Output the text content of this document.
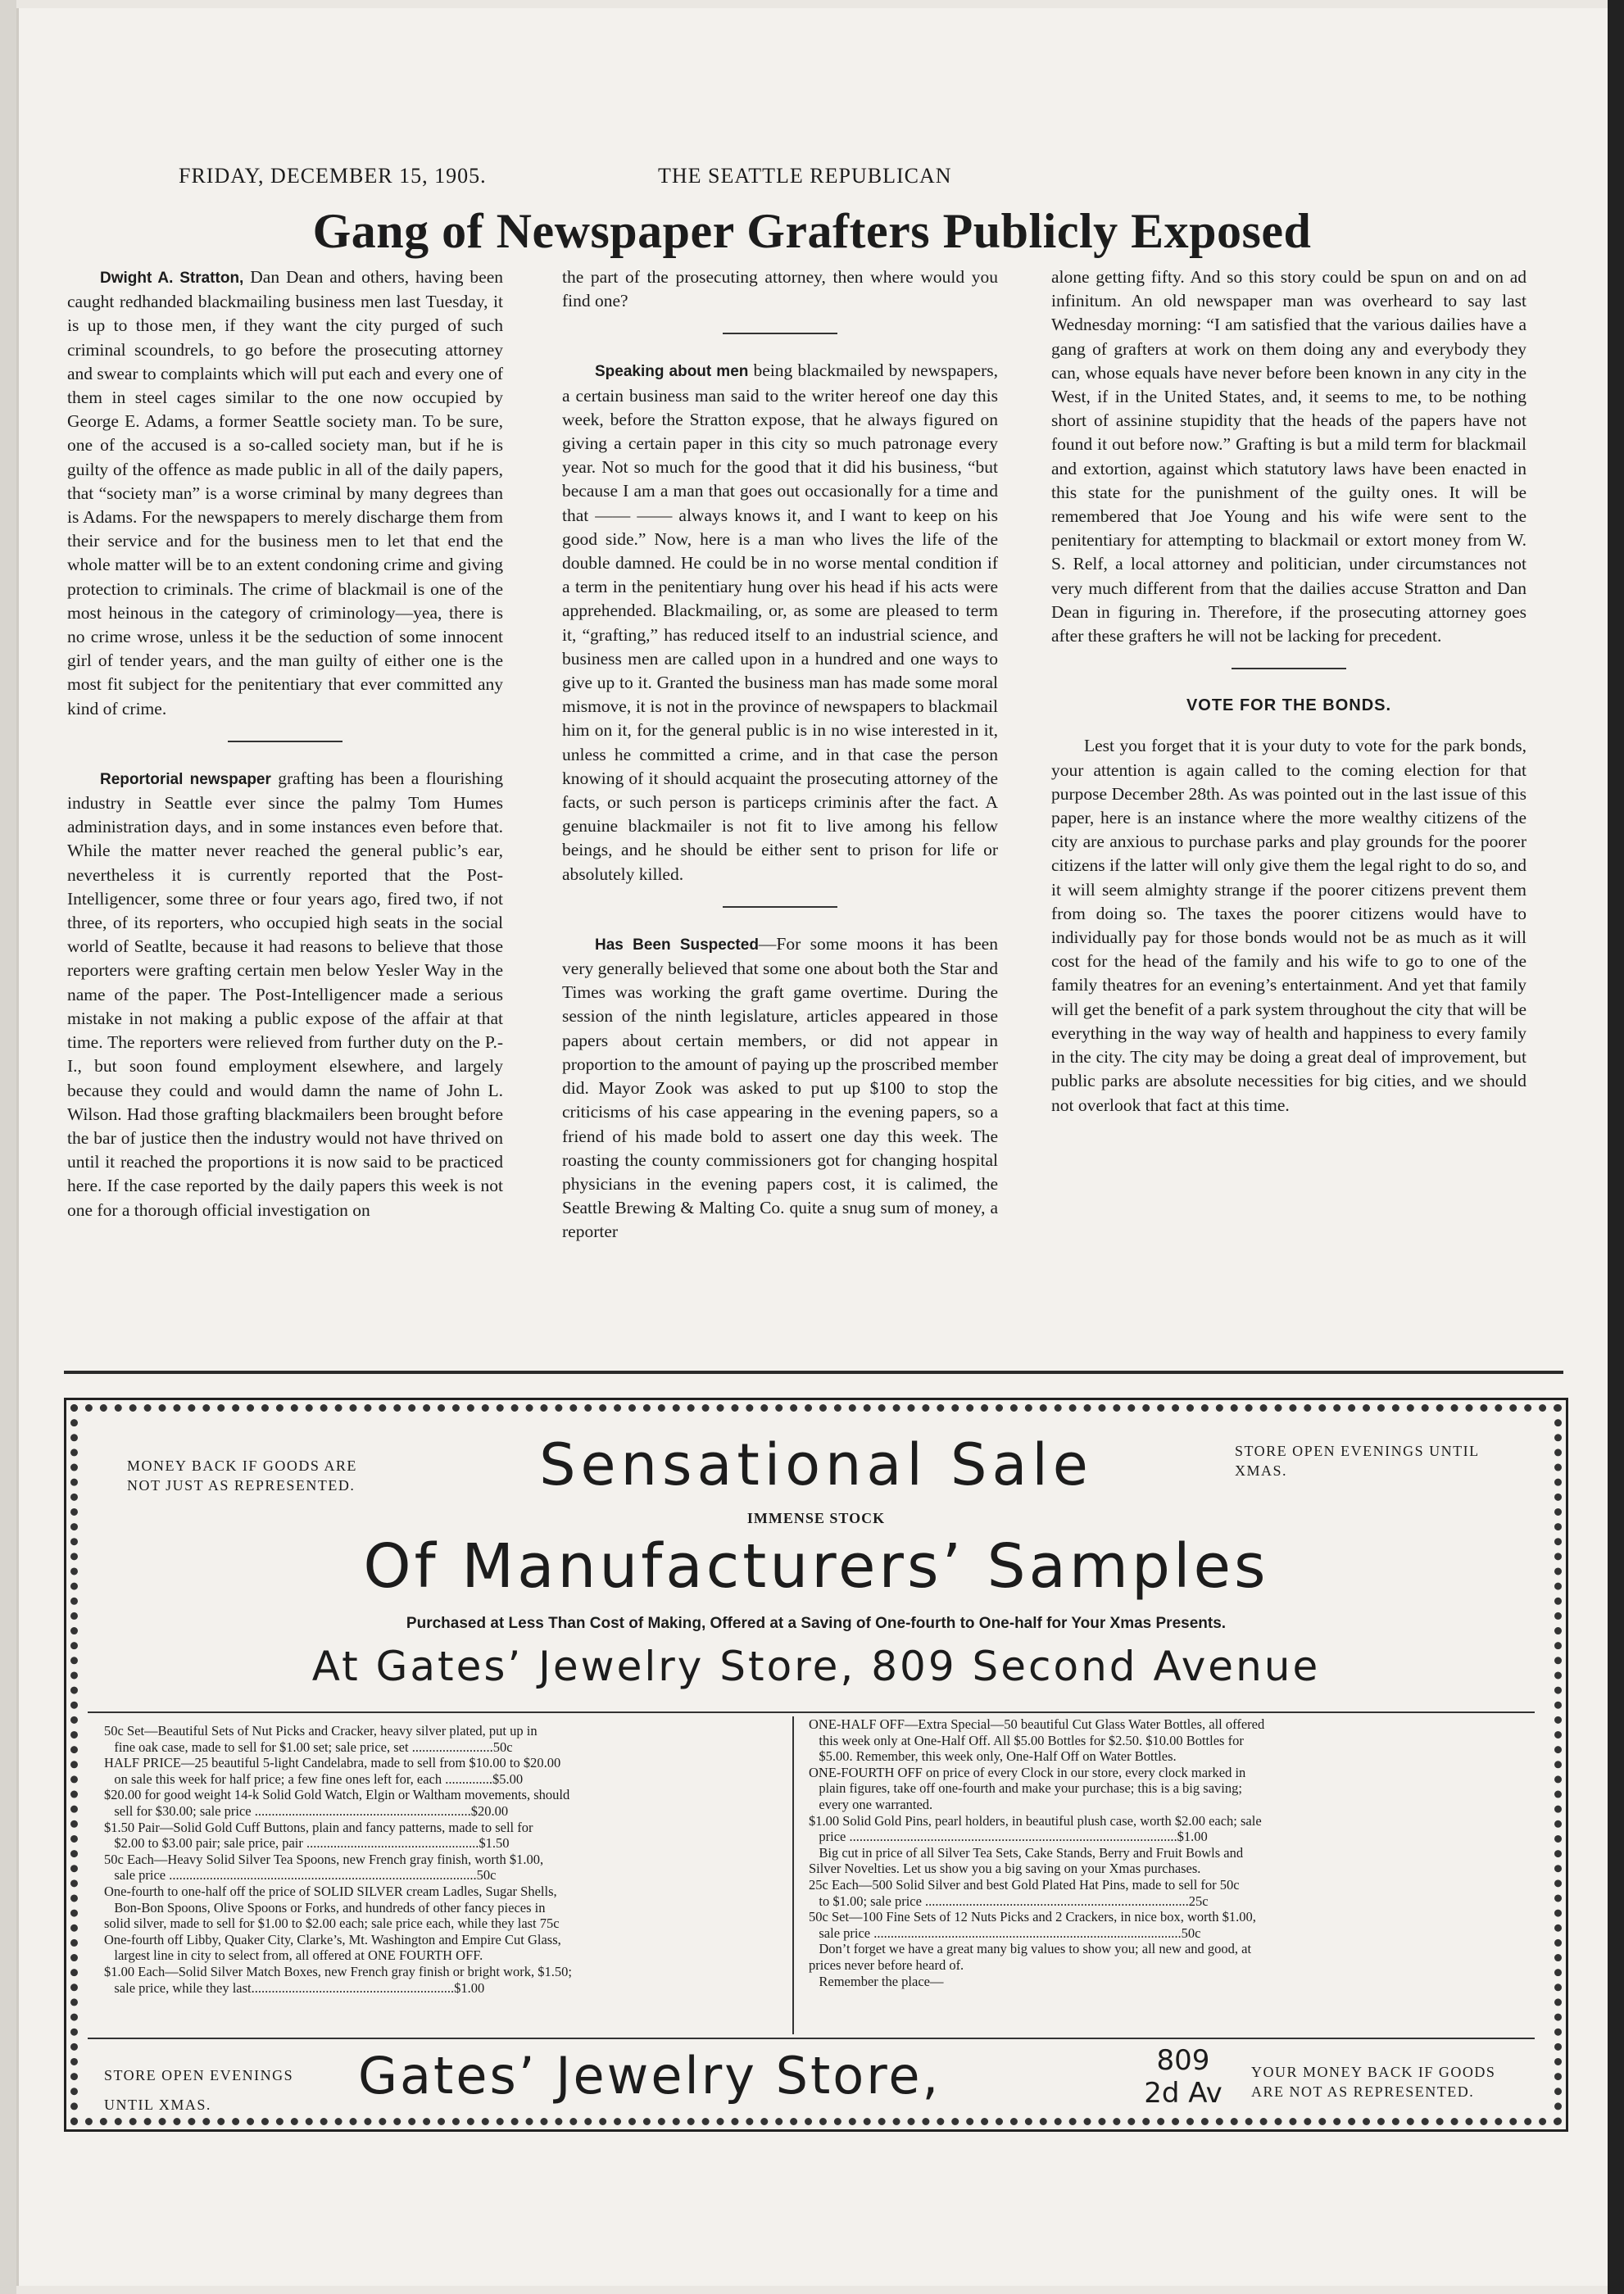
FRIDAY, DECEMBER 15, 1905.	THE SEATTLE REPUBLICAN
Gang of Newspaper Grafters Publicly Exposed

Dwight A. Stratton, Dan Dean and others, having been caught redhanded blackmailing business men last Tuesday, it is up to those men, if they want the city purged of such criminal scoundrels, to go before the prosecuting attorney and swear to complaints which will put each and every one of them in steel cages similar to the one now occupied by George E. Adams, a former Seattle society man. To be sure, one of the accused is a so-called society man, but if he is guilty of the offence as made public in all of the daily papers, that “society man” is a worse criminal by many degrees than is Adams. For the newspapers to merely discharge them from their service and for the business men to let that end the whole matter will be to an extent condoning crime and giving protection to criminals. The crime of blackmail is one of the most heinous in the category of criminology—yea, there is no crime wrose, unless it be the seduction of some innocent girl of tender years, and the man guilty of either one is the most fit subject for the penitentiary that ever committed any kind of crime.

Reportorial newspaper grafting has been a flourishing industry in Seattle ever since the palmy Tom Humes administration days, and in some instances even before that. While the matter never reached the general public’s ear, nevertheless it is currently reported that the Post-Intelligencer, some three or four years ago, fired two, if not three, of its reporters, who occupied high seats in the social world of Seatlte, because it had reasons to believe that those reporters were grafting certain men below Yesler Way in the name of the paper. The Post-Intelligencer made a serious mistake in not making a public expose of the affair at that time. The reporters were relieved from further duty on the P.-I., but soon found employment elsewhere, and largely because they could and would damn the name of John L. Wilson. Had those grafting blackmailers been brought before the bar of justice then the industry would not have thrived on until it reached the proportions it is now said to be practiced here. If the case reported by the daily papers this week is not one for a thorough official investigation on

the part of the prosecuting attorney, then where would you find one?

Speaking about men being blackmailed by newspapers, a certain business man said to the writer hereof one day this week, before the Stratton expose, that he always figured on giving a certain paper in this city so much patronage every year. Not so much for the good that it did his business, “but because I am a man that goes out occasionally for a time and that —— —— always knows it, and I want to keep on his good side.” Now, here is a man who lives the life of the double damned. He could be in no worse mental condition if a term in the penitentiary hung over his head if his acts were apprehended. Blackmailing, or, as some are pleased to term it, “grafting,” has reduced itself to an industrial science, and business men are called upon in a hundred and one ways to give up to it. Granted the business man has made some moral mismove, it is not in the province of newspapers to blackmail him on it, for the general public is in no wise interested in it, unless he committed a crime, and in that case the person knowing of it should acquaint the prosecuting attorney of the facts, or such person is particeps criminis after the fact. A genuine blackmailer is not fit to live among his fellow beings, and he should be either sent to prison for life or absolutely killed.

Has Been Suspected—For some moons it has been very generally believed that some one about both the Star and Times was working the graft game overtime. During the session of the ninth legislature, articles appeared in those papers about certain members, or did not appear in proportion to the amount of paying up the proscribed member did. Mayor Zook was asked to put up $100 to stop the criticisms of his case appearing in the evening papers, so a friend of his made bold to assert one day this week. The roasting the county commissioners got for changing hospital physicians in the evening papers cost, it is calimed, the Seattle Brewing & Malting Co. quite a snug sum of money, a reporter

alone getting fifty. And so this story could be spun on and on ad infinitum. An old newspaper man was overheard to say last Wednesday morning: “I am satisfied that the various dailies have a gang of grafters at work on them doing any and everybody they can, whose equals have never before been known in any city in the West, if in the United States, and, it seems to me, to be nothing short of assinine stupidity that the heads of the papers have not found it out before now.” Grafting is but a mild term for blackmail and extortion, against which statutory laws have been enacted in this state for the punishment of the guilty ones. It will be remembered that Joe Young and his wife were sent to the penitentiary for attempting to blackmail or extort money from W. S. Relf, a local attorney and politician, under circumstances not very much different from that the dailies accuse Stratton and Dan Dean in figuring in. Therefore, if the prosecuting attorney goes after these grafters he will not be lacking for precedent.

VOTE FOR THE BONDS.

Lest you forget that it is your duty to vote for the park bonds, your attention is again called to the coming election for that purpose December 28th. As was pointed out in the last issue of this paper, here is an instance where the more wealthy citizens of the city are anxious to purchase parks and play grounds for the poorer citizens if the latter will only give them the legal right to do so, and it will seem almighty strange if the poorer citizens prevent them from doing so. The taxes the poorer citizens would have to individually pay for those bonds would not be as much as it will cost for the head of the family and his wife to go to one of the family theatres for an evening’s entertainment. And yet that family will get the benefit of a park system throughout the city that will be everything in the way way of health and happiness to every family in the city. The city may be doing a great deal of improvement, but public parks are absolute necessities for big cities, and we should not overlook that fact at this time.

MONEY BACK IF GOODS ARE NOT JUST AS REPRESENTED.
STORE OPEN EVENINGS UNTIL XMAS.
Sensational Sale
IMMENSE STOCK
Of Manufacturers’ Samples
Purchased at Less Than Cost of Making, Offered at a Saving of One-fourth to One-half for Your Xmas Presents.
At Gates’ Jewelry Store, 809 Second Avenue
50c Set—Beautiful Sets of Nut Picks and Cracker, heavy silver plated, put up in
fine oak case, made to sell for $1.00 set; sale price, set ........................50c
HALF PRICE—25 beautiful 5-light Candelabra, made to sell from $10.00 to $20.00
on sale this week for half price; a few fine ones left for, each ..............$5.00
$20.00 for good weight 14-k Solid Gold Watch, Elgin or Waltham movements, should
sell for $30.00; sale price ................................................................$20.00
$1.50 Pair—Solid Gold Cuff Buttons, plain and fancy patterns, made to sell for
$2.00 to $3.00 pair; sale price, pair ...................................................$1.50
50c Each—Heavy Solid Silver Tea Spoons, new French gray finish, worth $1.00,
sale price ...........................................................................................50c
One-fourth to one-half off the price of SOLID SILVER cream Ladles, Sugar Shells,
Bon-Bon Spoons, Olive Spoons or Forks, and hundreds of other fancy pieces in
solid silver, made to sell for $1.00 to $2.00 each; sale price each, while they last 75c
One-fourth off Libby, Quaker City, Clarke’s, Mt. Washington and Empire Cut Glass,
largest line in city to select from, all offered at ONE FOURTH OFF.
$1.00 Each—Solid Silver Match Boxes, new French gray finish or bright work, $1.50;
sale price, while they last............................................................$1.00
ONE-HALF OFF—Extra Special—50 beautiful Cut Glass Water Bottles, all offered
this week only at One-Half Off. All $5.00 Bottles for $2.50. $10.00 Bottles for
$5.00. Remember, this week only, One-Half Off on Water Bottles.
ONE-FOURTH OFF on price of every Clock in our store, every clock marked in
plain figures, take off one-fourth and make your purchase; this is a big saving;
every one warranted.
$1.00 Solid Gold Pins, pearl holders, in beautiful plush case, worth $2.00 each; sale
price .................................................................................................$1.00
Big cut in price of all Silver Tea Sets, Cake Stands, Berry and Fruit Bowls and
Silver Novelties. Let us show you a big saving on your Xmas purchases.
25c Each—500 Solid Silver and best Gold Plated Hat Pins, made to sell for 50c
to $1.00; sale price ..............................................................................25c
50c Set—100 Fine Sets of 12 Nuts Picks and 2 Crackers, in nice box, worth $1.00,
sale price ...........................................................................................50c
Don’t forget we have a great many big values to show you; all new and good, at
prices never before heard of.
Remember the place—
STORE OPEN EVENINGS
UNTIL XMAS.	Gates’ Jewelry Store,	809
2d Av
YOUR MONEY BACK IF GOODS ARE NOT AS REPRESENTED.
